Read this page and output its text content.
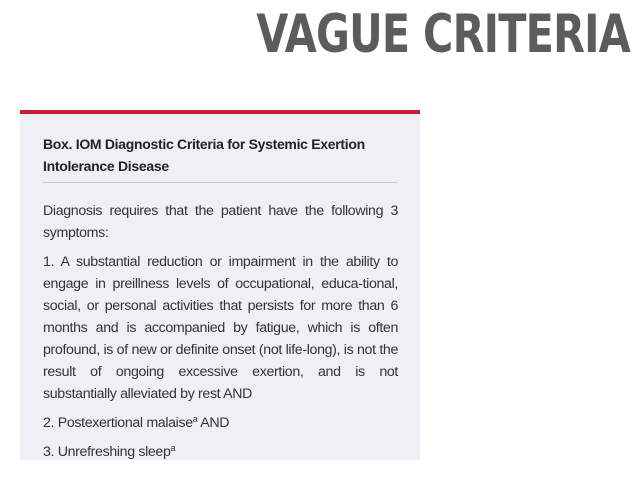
VAGUE CRITERIA
Box. IOM Diagnostic Criteria for Systemic Exertion Intolerance Disease

Diagnosis requires that the patient have the following 3 symptoms:

1. A substantial reduction or impairment in the ability to engage in preillness levels of occupational, educa-tional, social, or personal activities that persists for more than 6 months and is accompanied by fatigue, which is often profound, is of new or definite onset (not life-long), is not the result of ongoing excessive exertion, and is not substantially alleviated by rest AND

2. Postexertional malaise$^a$ AND

3. Unrefreshing sleep$^a$
